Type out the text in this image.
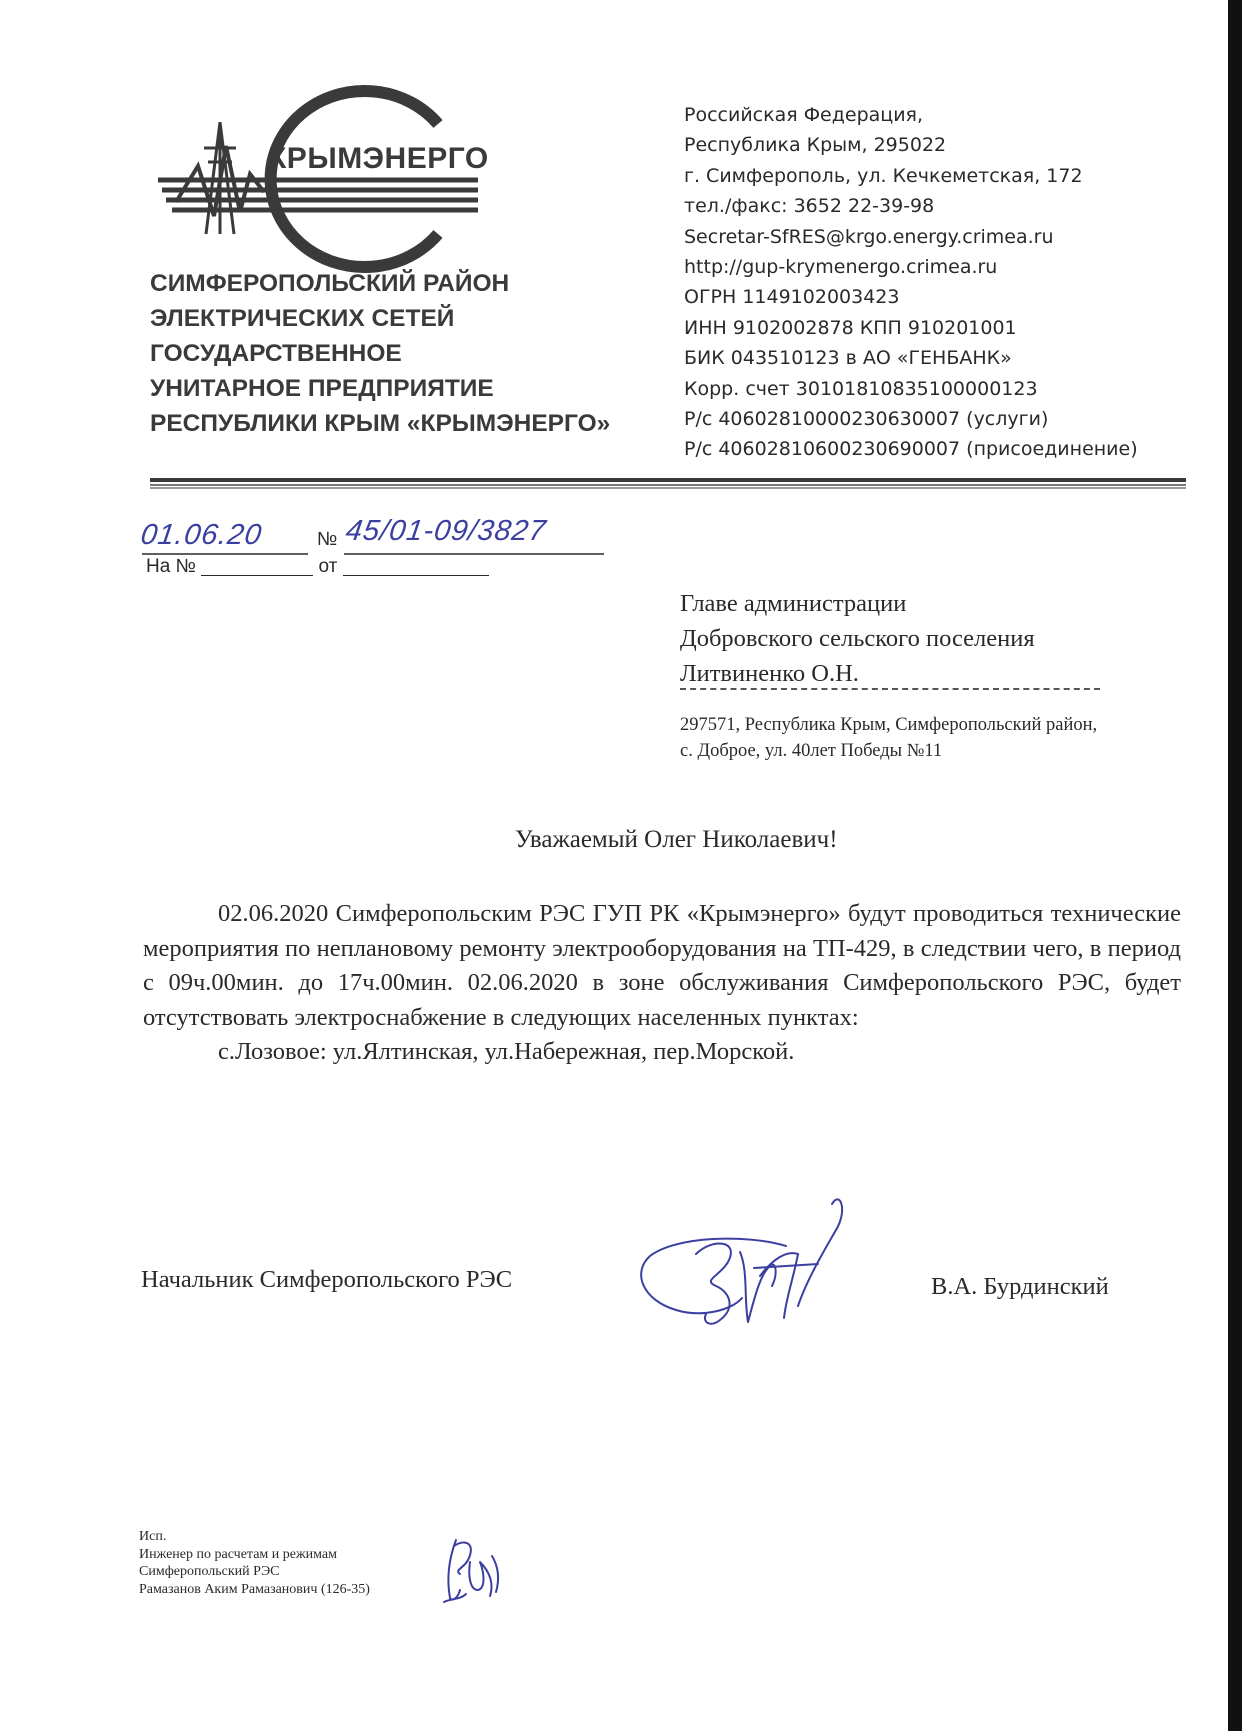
КРЫМЭНЕРГО
СИМФЕРОПОЛЬСКИЙ РАЙОН
ЭЛЕКТРИЧЕСКИХ СЕТЕЙ
ГОСУДАРСТВЕННОЕ
УНИТАРНОЕ ПРЕДПРИЯТИЕ
РЕСПУБЛИКИ КРЫМ «КРЫМЭНЕРГО»
Российская Федерация,
Республика Крым, 295022
г. Симферополь, ул. Кечкеметская, 172
тел./факс: 3652 22-39-98
Secretar-SfRES@krgo.energy.crimea.ru
http://gup-krymenergo.crimea.ru
ОГРН 1149102003423
ИНН 9102002878 КПП 910201001
БИК 043510123 в АО «ГЕНБАНК»
Корр. счет 30101810835100000123
Р/с 40602810000230630007 (услуги)
Р/с 40602810600230690007 (присоединение)
01.06.20	№ 45/01-09/3827
На №	от
Главе администрации
Добровского сельского поселения
Литвиненко О.Н.
297571, Республика Крым, Симферопольский район,
с. Доброе, ул. 40лет Победы №11
Уважаемый Олег Николаевич!

02.06.2020 Симферопольским РЭС ГУП РК «Крымэнерго» будут проводиться технические мероприятия по неплановому ремонту электрооборудования на ТП-429, в следствии чего, в период с 09ч.00мин. до 17ч.00мин. 02.06.2020 в зоне обслуживания Симферопольского РЭС, будет отсутствовать электроснабжение в следующих населенных пунктах:

с.Лозовое: ул.Ялтинская, ул.Набережная, пер.Морской.

Начальник Симферопольского РЭС	В.А. Бурдинский
Исп.
Инженер по расчетам и режимам
Симферопольский РЭС
Рамазанов Аким Рамазанович (126-35)
